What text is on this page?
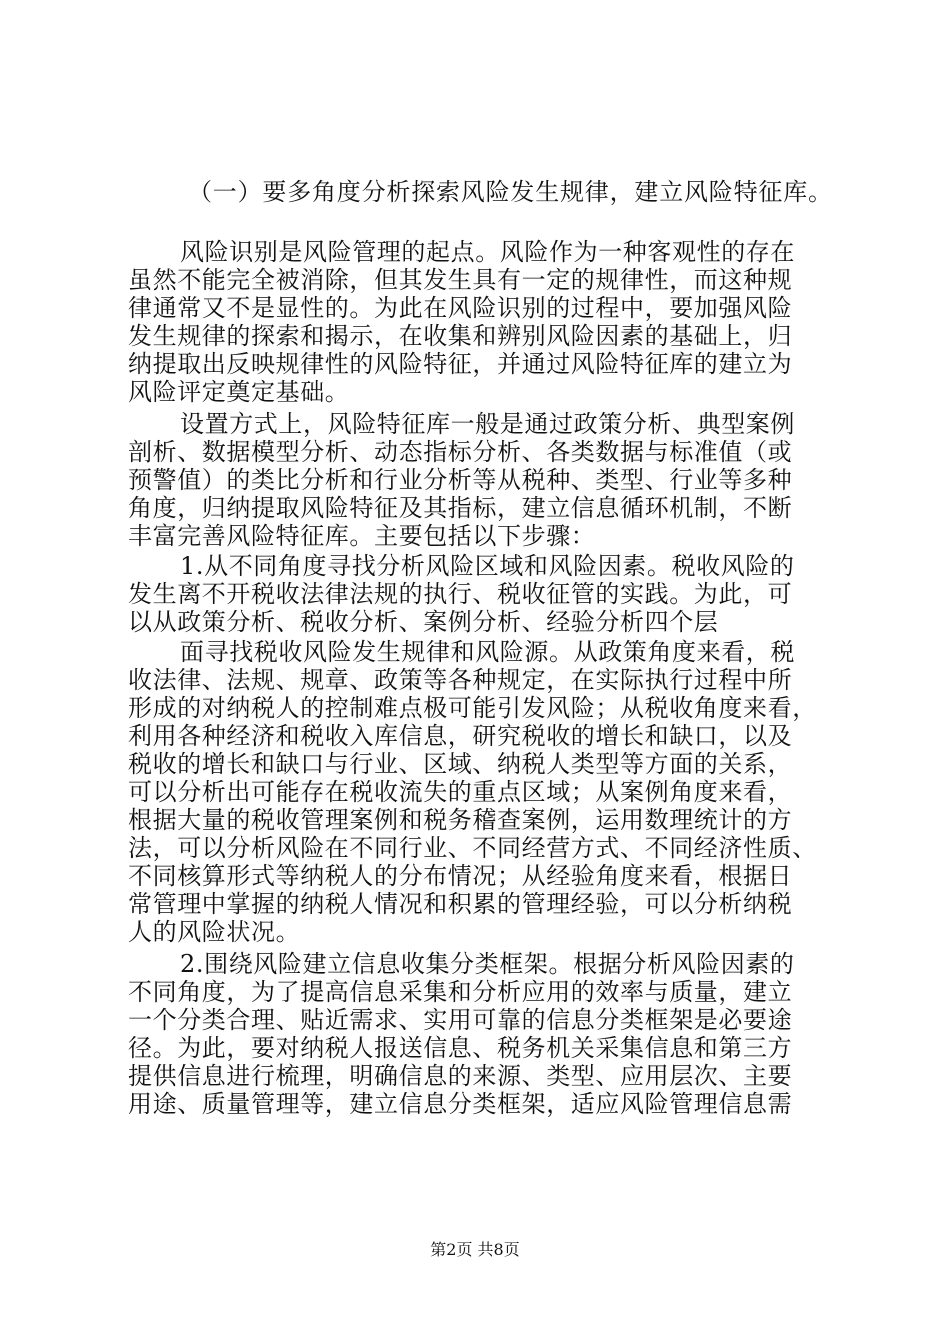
（一）要多角度分析探索风险发生规律，建立风险特征库。
风险识别是风险管理的起点。风险作为一种客观性的存在
虽然不能完全被消除，但其发生具有一定的规律性，而这种规
律通常又不是显性的。为此在风险识别的过程中，要加强风险
发生规律的探索和揭示，在收集和辨别风险因素的基础上，归
纳提取出反映规律性的风险特征，并通过风险特征库的建立为
风险评定奠定基础。
设置方式上，风险特征库一般是通过政策分析、典型案例
剖析、数据模型分析、动态指标分析、各类数据与标准值（或
预警值）的类比分析和行业分析等从税种、类型、行业等多种
角度，归纳提取风险特征及其指标，建立信息循环机制，不断
丰富完善风险特征库。主要包括以下步骤：
1.从不同角度寻找分析风险区域和风险因素。税收风险的
发生离不开税收法律法规的执行、税收征管的实践。为此，可
以从政策分析、税收分析、案例分析、经验分析四个层
面寻找税收风险发生规律和风险源。从政策角度来看，税
收法律、法规、规章、政策等各种规定，在实际执行过程中所
形成的对纳税人的控制难点极可能引发风险；从税收角度来看，
利用各种经济和税收入库信息，研究税收的增长和缺口，以及
税收的增长和缺口与行业、区域、纳税人类型等方面的关系，
可以分析出可能存在税收流失的重点区域；从案例角度来看，
根据大量的税收管理案例和税务稽查案例，运用数理统计的方
法，可以分析风险在不同行业、不同经营方式、不同经济性质、
不同核算形式等纳税人的分布情况；从经验角度来看，根据日
常管理中掌握的纳税人情况和积累的管理经验，可以分析纳税
人的风险状况。
2.围绕风险建立信息收集分类框架。根据分析风险因素的
不同角度，为了提高信息采集和分析应用的效率与质量，建立
一个分类合理、贴近需求、实用可靠的信息分类框架是必要途
径。为此，要对纳税人报送信息、税务机关采集信息和第三方
提供信息进行梳理，明确信息的来源、类型、应用层次、主要
用途、质量管理等，建立信息分类框架，适应风险管理信息需
第2页 共8页
